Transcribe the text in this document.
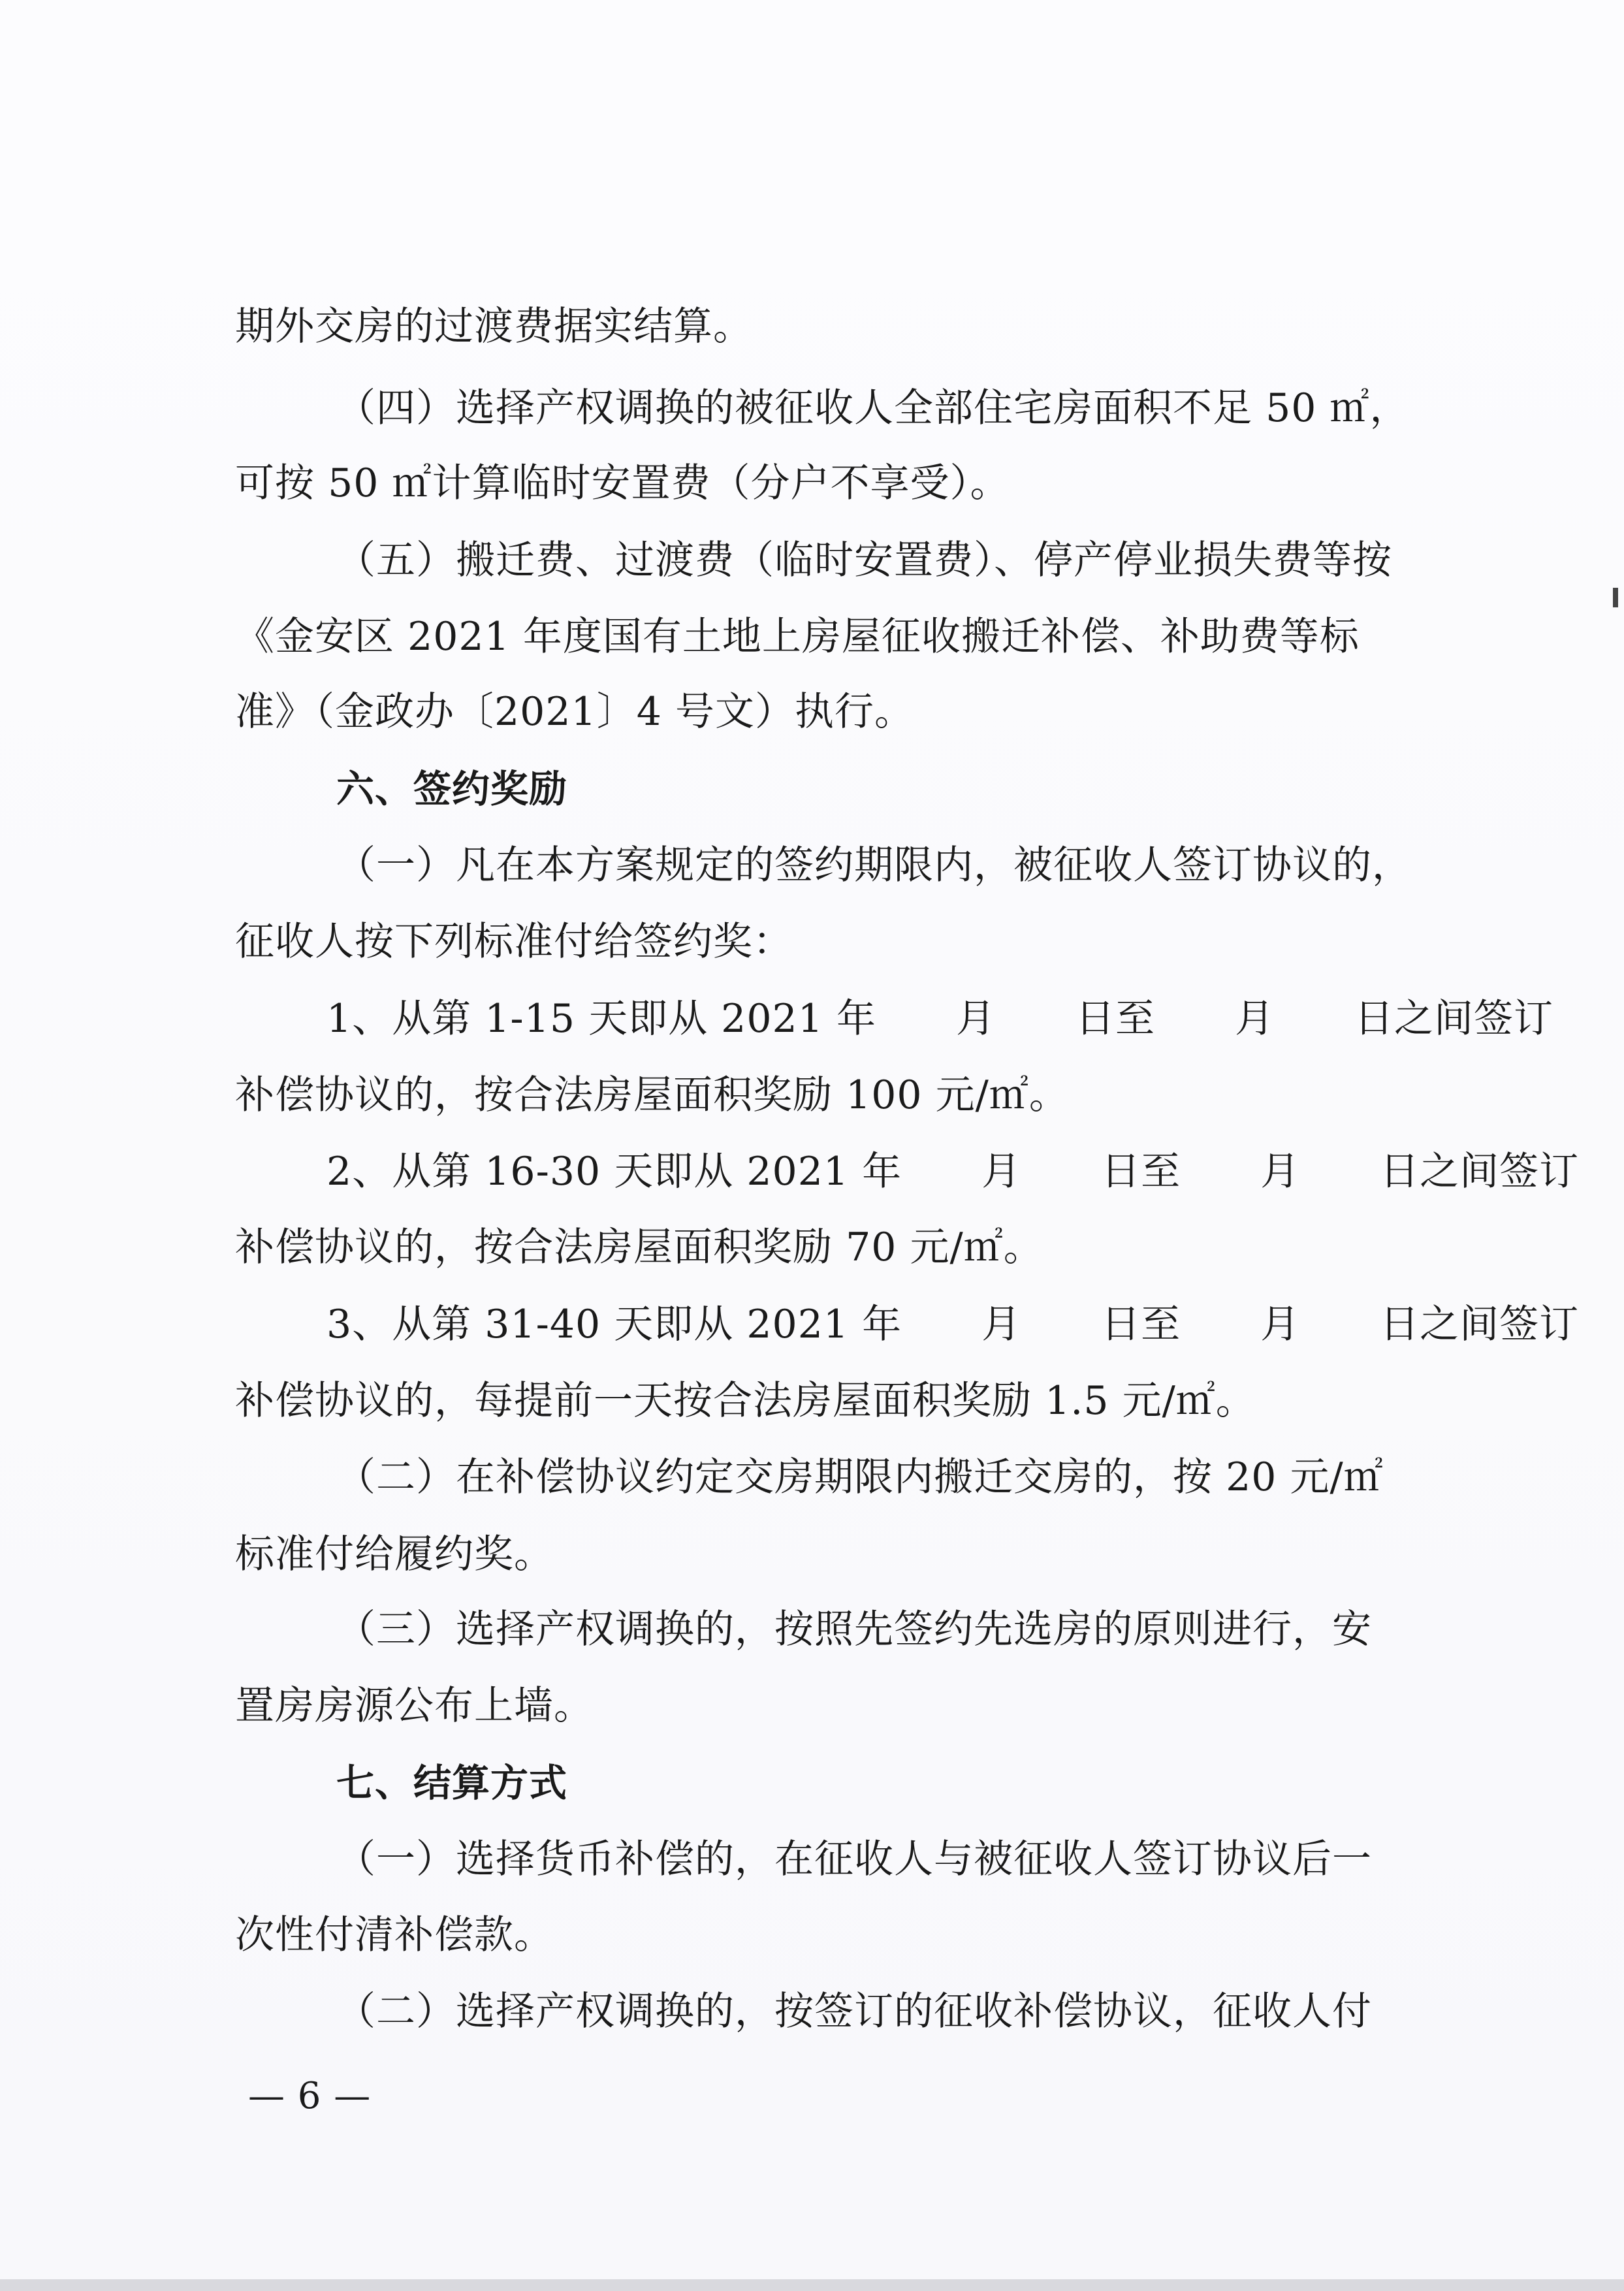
期外交房的过渡费据实结算。
（四）选择产权调换的被征收人全部住宅房面积不足 50 ㎡，
可按 50 ㎡计算临时安置费（分户不享受）。
（五）搬迁费、过渡费（临时安置费）、停产停业损失费等按
《金安区 2021 年度国有土地上房屋征收搬迁补偿、补助费等标
准》（金政办〔2021〕4 号文）执行。
六、签约奖励
（一）凡在本方案规定的签约期限内，被征收人签订协议的，
征收人按下列标准付给签约奖：
1、从第 1-15 天即从 2021 年　　月　　日至　　月　　日之间签订
补偿协议的，按合法房屋面积奖励 100 元/㎡。
2、从第 16-30 天即从 2021 年　　月　　日至　　月　　日之间签订
补偿协议的，按合法房屋面积奖励 70 元/㎡。
3、从第 31-40 天即从 2021 年　　月　　日至　　月　　日之间签订
补偿协议的，每提前一天按合法房屋面积奖励 1.5 元/㎡。
（二）在补偿协议约定交房期限内搬迁交房的，按 20 元/㎡
标准付给履约奖。
（三）选择产权调换的，按照先签约先选房的原则进行，安
置房房源公布上墙。
七、结算方式
（一）选择货币补偿的，在征收人与被征收人签订协议后一
次性付清补偿款。
（二）选择产权调换的，按签订的征收补偿协议，征收人付
— 6 —
